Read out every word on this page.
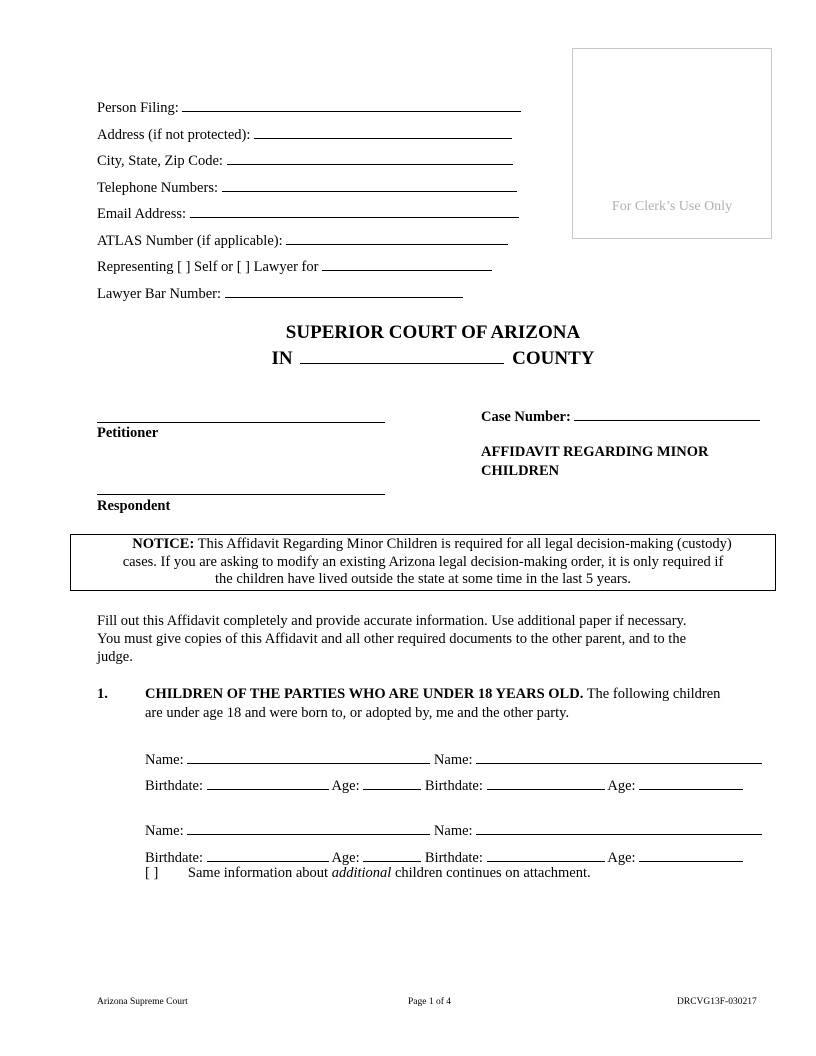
Person Filing:
Address (if not protected):
City, State, Zip Code:
Telephone Numbers:
Email Address:
ATLAS Number (if applicable):
Representing [ ] Self or [ ] Lawyer for
Lawyer Bar Number:
For Clerk’s Use Only
SUPERIOR COURT OF ARIZONA
IN	COUNTY
Petitioner
Respondent
Case Number:
AFFIDAVIT REGARDING MINOR
CHILDREN
NOTICE: This Affidavit Regarding Minor Children is required for all legal decision-making (custody)
cases. If you are asking to modify an existing Arizona legal decision-making order, it is only required if
the children have lived outside the state at some time in the last 5 years.
Fill out this Affidavit completely and provide accurate information. Use additional paper if necessary.
You must give copies of this Affidavit and all other required documents to the other parent, and to the
judge.
1.	CHILDREN OF THE PARTIES WHO ARE UNDER 18 YEARS OLD. The following children
are under age 18 and were born to, or adopted by, me and the other party.
Name:	Name:
Birthdate:	Age:	Birthdate:	Age:
Name:	Name:
Birthdate:	Age:	Birthdate:	Age:
[ ] Same information about additional children continues on attachment.
Arizona Supreme Court	Page 1 of 4	DRCVG13F-030217
